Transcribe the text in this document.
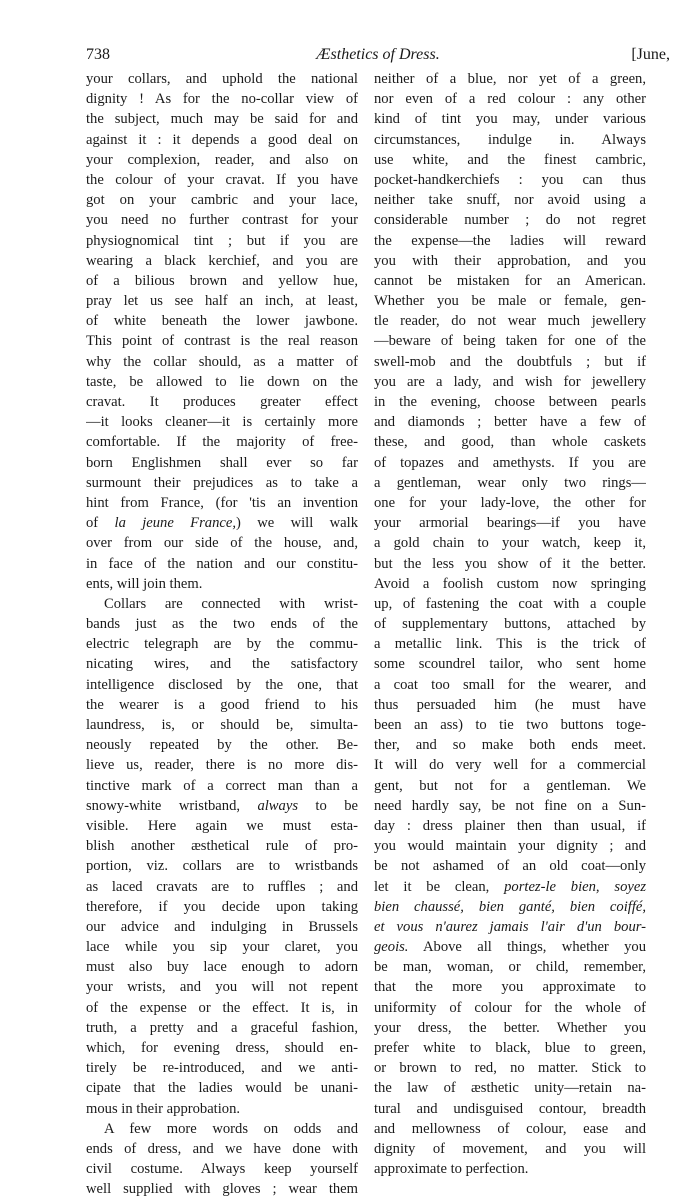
738	Æsthetics of Dress.	[June,
your collars, and uphold the national
dignity ! As for the no-collar view of
the subject, much may be said for and
against it : it depends a good deal on
your complexion, reader, and also on
the colour of your cravat. If you have
got on your cambric and your lace,
you need no further contrast for your
physiognomical tint ; but if you are
wearing a black kerchief, and you are
of a bilious brown and yellow hue,
pray let us see half an inch, at least,
of white beneath the lower jawbone.
This point of contrast is the real reason
why the collar should, as a matter of
taste, be allowed to lie down on the
cravat. It produces greater effect
—it looks cleaner—it is certainly more
comfortable. If the majority of free-
born Englishmen shall ever so far
surmount their prejudices as to take a
hint from France, (for 'tis an invention
of la jeune France,) we will walk
over from our side of the house, and,
in face of the nation and our constitu-
ents, will join them.
Collars are connected with wrist-
bands just as the two ends of the
electric telegraph are by the commu-
nicating wires, and the satisfactory
intelligence disclosed by the one, that
the wearer is a good friend to his
laundress, is, or should be, simulta-
neously repeated by the other. Be-
lieve us, reader, there is no more dis-
tinctive mark of a correct man than a
snowy-white wristband, always to be
visible. Here again we must esta-
blish another æsthetical rule of pro-
portion, viz. collars are to wristbands
as laced cravats are to ruffles ; and
therefore, if you decide upon taking
our advice and indulging in Brussels
lace while you sip your claret, you
must also buy lace enough to adorn
your wrists, and you will not repent
of the expense or the effect. It is, in
truth, a pretty and a graceful fashion,
which, for evening dress, should en-
tirely be re-introduced, and we anti-
cipate that the ladies would be unani-
mous in their approbation.
A few more words on odds and
ends of dress, and we have done with
civil costume. Always keep yourself
well supplied with gloves ; wear them
neither of a blue, nor yet of a green,
nor even of a red colour : any other
kind of tint you may, under various
circumstances, indulge in. Always
use white, and the finest cambric,
pocket-handkerchiefs : you can thus
neither take snuff, nor avoid using a
considerable number ; do not regret
the expense—the ladies will reward
you with their approbation, and you
cannot be mistaken for an American.
Whether you be male or female, gen-
tle reader, do not wear much jewellery
—beware of being taken for one of the
swell-mob and the doubtfuls ; but if
you are a lady, and wish for jewellery
in the evening, choose between pearls
and diamonds ; better have a few of
these, and good, than whole caskets
of topazes and amethysts. If you are
a gentleman, wear only two rings—
one for your lady-love, the other for
your armorial bearings—if you have
a gold chain to your watch, keep it,
but the less you show of it the better.
Avoid a foolish custom now springing
up, of fastening the coat with a couple
of supplementary buttons, attached by
a metallic link. This is the trick of
some scoundrel tailor, who sent home
a coat too small for the wearer, and
thus persuaded him (he must have
been an ass) to tie two buttons toge-
ther, and so make both ends meet.
It will do very well for a commercial
gent, but not for a gentleman. We
need hardly say, be not fine on a Sun-
day : dress plainer then than usual, if
you would maintain your dignity ; and
be not ashamed of an old coat—only
let it be clean, portez-le bien, soyez
bien chaussé, bien ganté, bien coiffé,
et vous n'aurez jamais l'air d'un bour-
geois. Above all things, whether you
be man, woman, or child, remember,
that the more you approximate to
uniformity of colour for the whole of
your dress, the better. Whether you
prefer white to black, blue to green,
or brown to red, no matter. Stick to
the law of æsthetic unity—retain na-
tural and undisguised contour, breadth
and mellowness of colour, ease and
dignity of movement, and you will
approximate to perfection.
